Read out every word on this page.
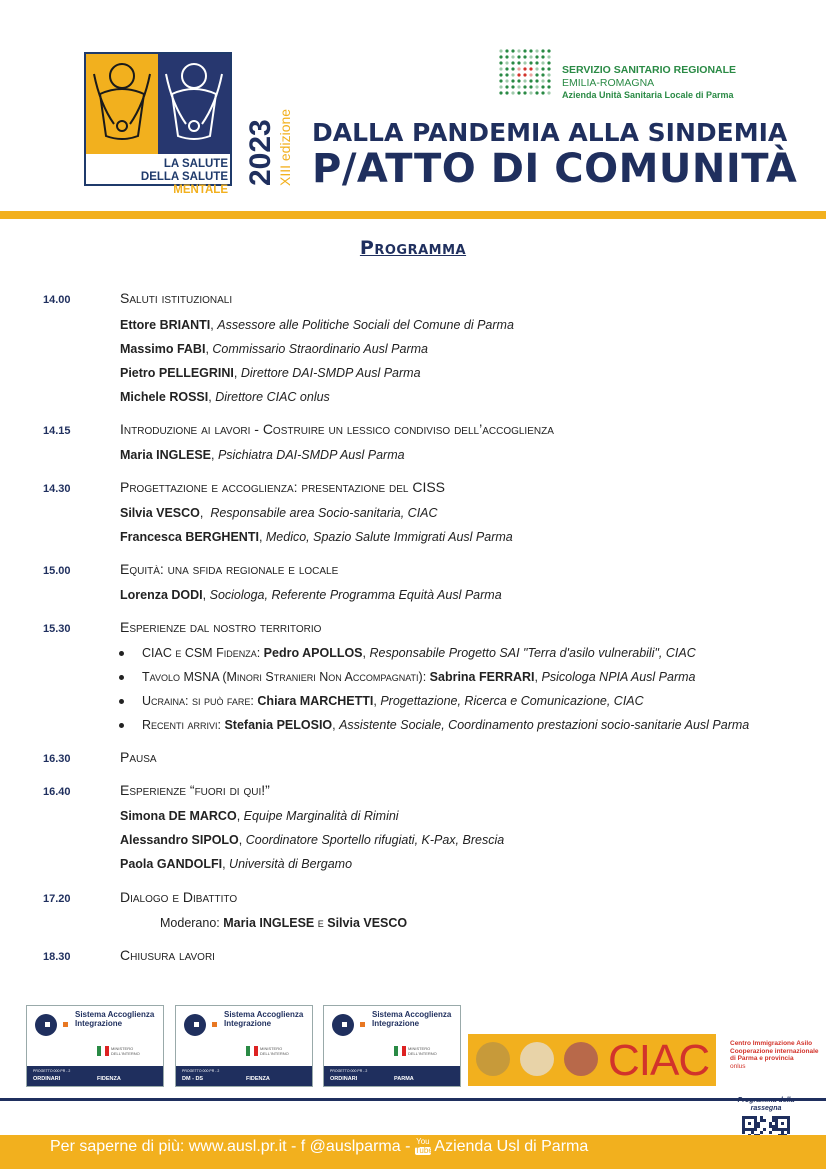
LA SALUTE
DELLA SALUTE MENTALE
2023 XIII edizione
SERVIZIO SANITARIO REGIONALE
EMILIA-ROMAGNA
Azienda Unità Sanitaria Locale di Parma
DALLA PANDEMIA ALLA SINDEMIA
P/ATTO DI COMUNITÀ
Programma
14.00	Saluti istituzionali
Ettore BRIANTI, Assessore alle Politiche Sociali del Comune di Parma
Massimo FABI, Commissario Straordinario Ausl Parma
Pietro PELLEGRINI, Direttore DAI-SMDP Ausl Parma
Michele ROSSI, Direttore CIAC onlus
14.15	Introduzione ai lavori - Costruire un lessico condiviso dell’accoglienza
Maria INGLESE, Psichiatra DAI-SMDP Ausl Parma
14.30	Progettazione e accoglienza: presentazione del CISS
Silvia VESCO,  Responsabile area Socio-sanitaria, CIAC
Francesca BERGHENTI, Medico, Spazio Salute Immigrati Ausl Parma
15.00	Equità: una sfida regionale e locale
Lorenza DODI, Sociologa, Referente Programma Equità Ausl Parma
15.30	Esperienze dal nostro territorio
CIAC e CSM Fidenza: Pedro APOLLOS, Responsabile Progetto SAI "Terra d'asilo vulnerabili", CIAC
Tavolo MSNA (Minori Stranieri Non Accompagnati): Sabrina FERRARI, Psicologa NPIA Ausl Parma
Ucraina: si può fare: Chiara MARCHETTI, Progettazione, Ricerca e Comunicazione, CIAC
Recenti arrivi: Stefania PELOSIO, Assistente Sociale, Coordinamento prestazioni socio-sanitarie Ausl Parma
16.30	Pausa
16.40	Esperienze “fuori di qui!”
Simona DE MARCO, Equipe Marginalità di Rimini
Alessandro SIPOLO, Coordinatore Sportello rifugiati, K-Pax, Brescia
Paola GANDOLFI, Università di Bergamo
17.20	Dialogo e Dibattito
Moderano: Maria INGLESE e Silvia VESCO
18.30	Chiusura lavori
Sistema Accoglienza Integrazione
MINISTERO DELL'INTERNO
PROGETTO 000 PR - 2
ORDINARI	FIDENZA
Sistema Accoglienza Integrazione
MINISTERO DELL'INTERNO
PROGETTO 000 PR - 2
DM - DS	FIDENZA
Sistema Accoglienza Integrazione
MINISTERO DELL'INTERNO
PROGETTO 000 PR - 2
ORDINARI	PARMA	CIAC	Centro Immigrazione Asilo Cooperazione internazionale di Parma e provincia
onlus
Programma della rassegna
Per saperne di più: www.ausl.pr.it - f @auslparma - You
Tube
Azienda Usl di Parma
